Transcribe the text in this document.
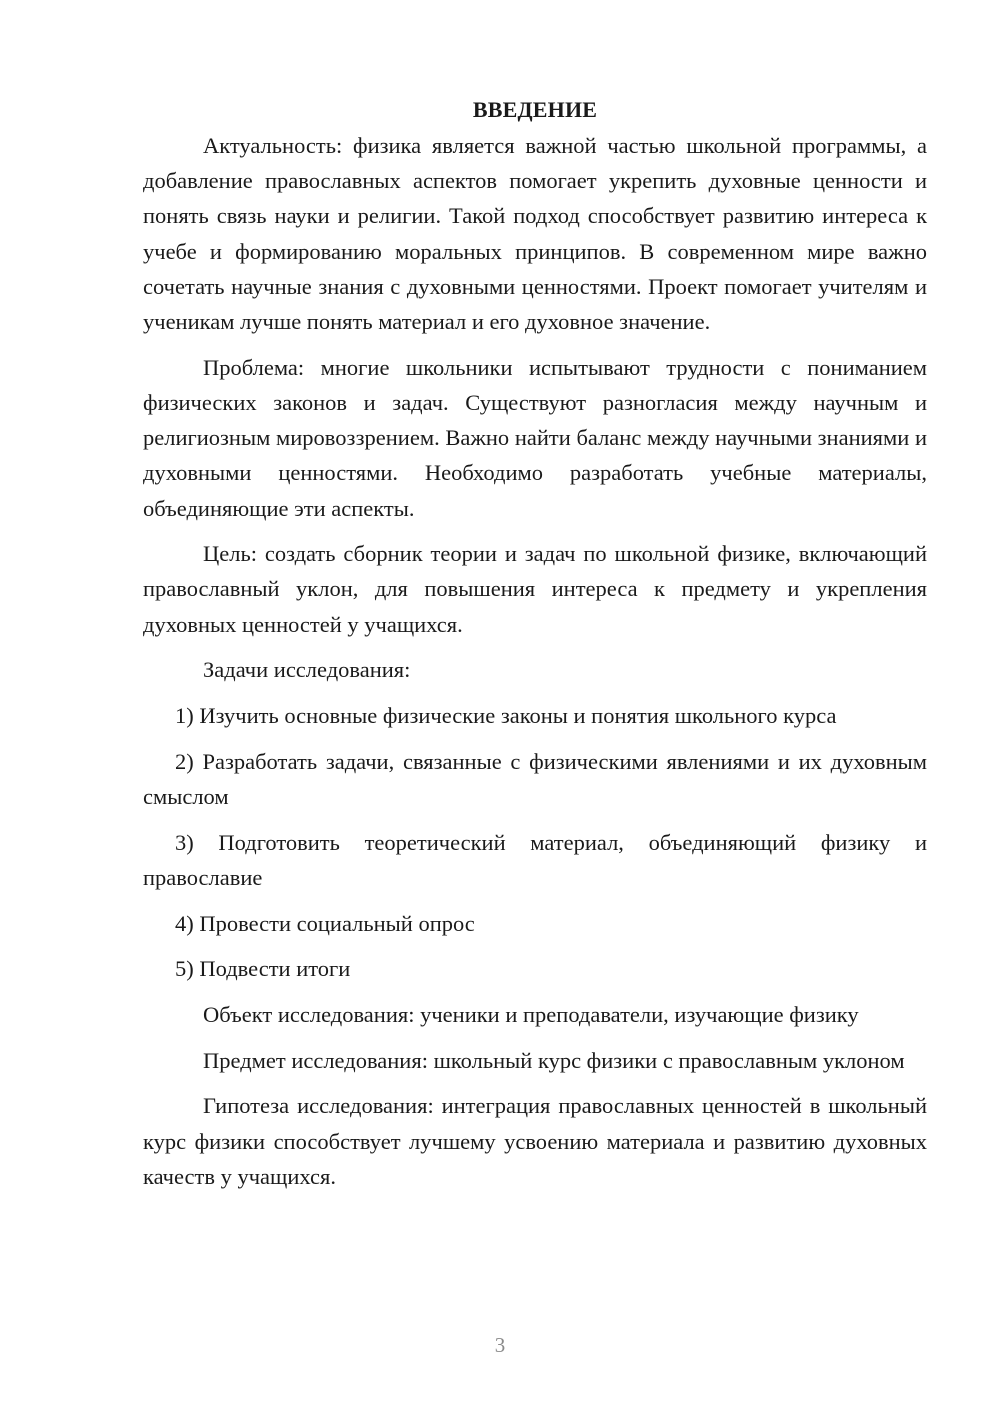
ВВЕДЕНИЕ

Актуальность: физика является важной частью школьной программы, а добавление православных аспектов помогает укрепить духовные ценности и понять связь науки и религии. Такой подход способствует развитию интереса к учебе и формированию моральных принципов. В современном мире важно сочетать научные знания с духовными ценностями. Проект помогает учителям и ученикам лучше понять материал и его духовное значение.

Проблема: многие школьники испытывают трудности с пониманием физических законов и задач. Существуют разногласия между научным и религиозным мировоззрением. Важно найти баланс между научными знаниями и духовными ценностями. Необходимо разработать учебные материалы, объединяющие эти аспекты.

Цель: создать сборник теории и задач по школьной физике, включающий православный уклон, для повышения интереса к предмету и укрепления духовных ценностей у учащихся.

Задачи исследования:

1) Изучить основные физические законы и понятия школьного курса

2) Разработать задачи, связанные с физическими явлениями и их духовным смыслом

3) Подготовить теоретический материал, объединяющий физику и православие

4) Провести социальный опрос

5) Подвести итоги

Объект исследования: ученики и преподаватели, изучающие физику

Предмет исследования: школьный курс физики с православным уклоном

Гипотеза исследования: интеграция православных ценностей в школьный курс физики способствует лучшему усвоению материала и развитию духовных качеств у учащихся.

3
